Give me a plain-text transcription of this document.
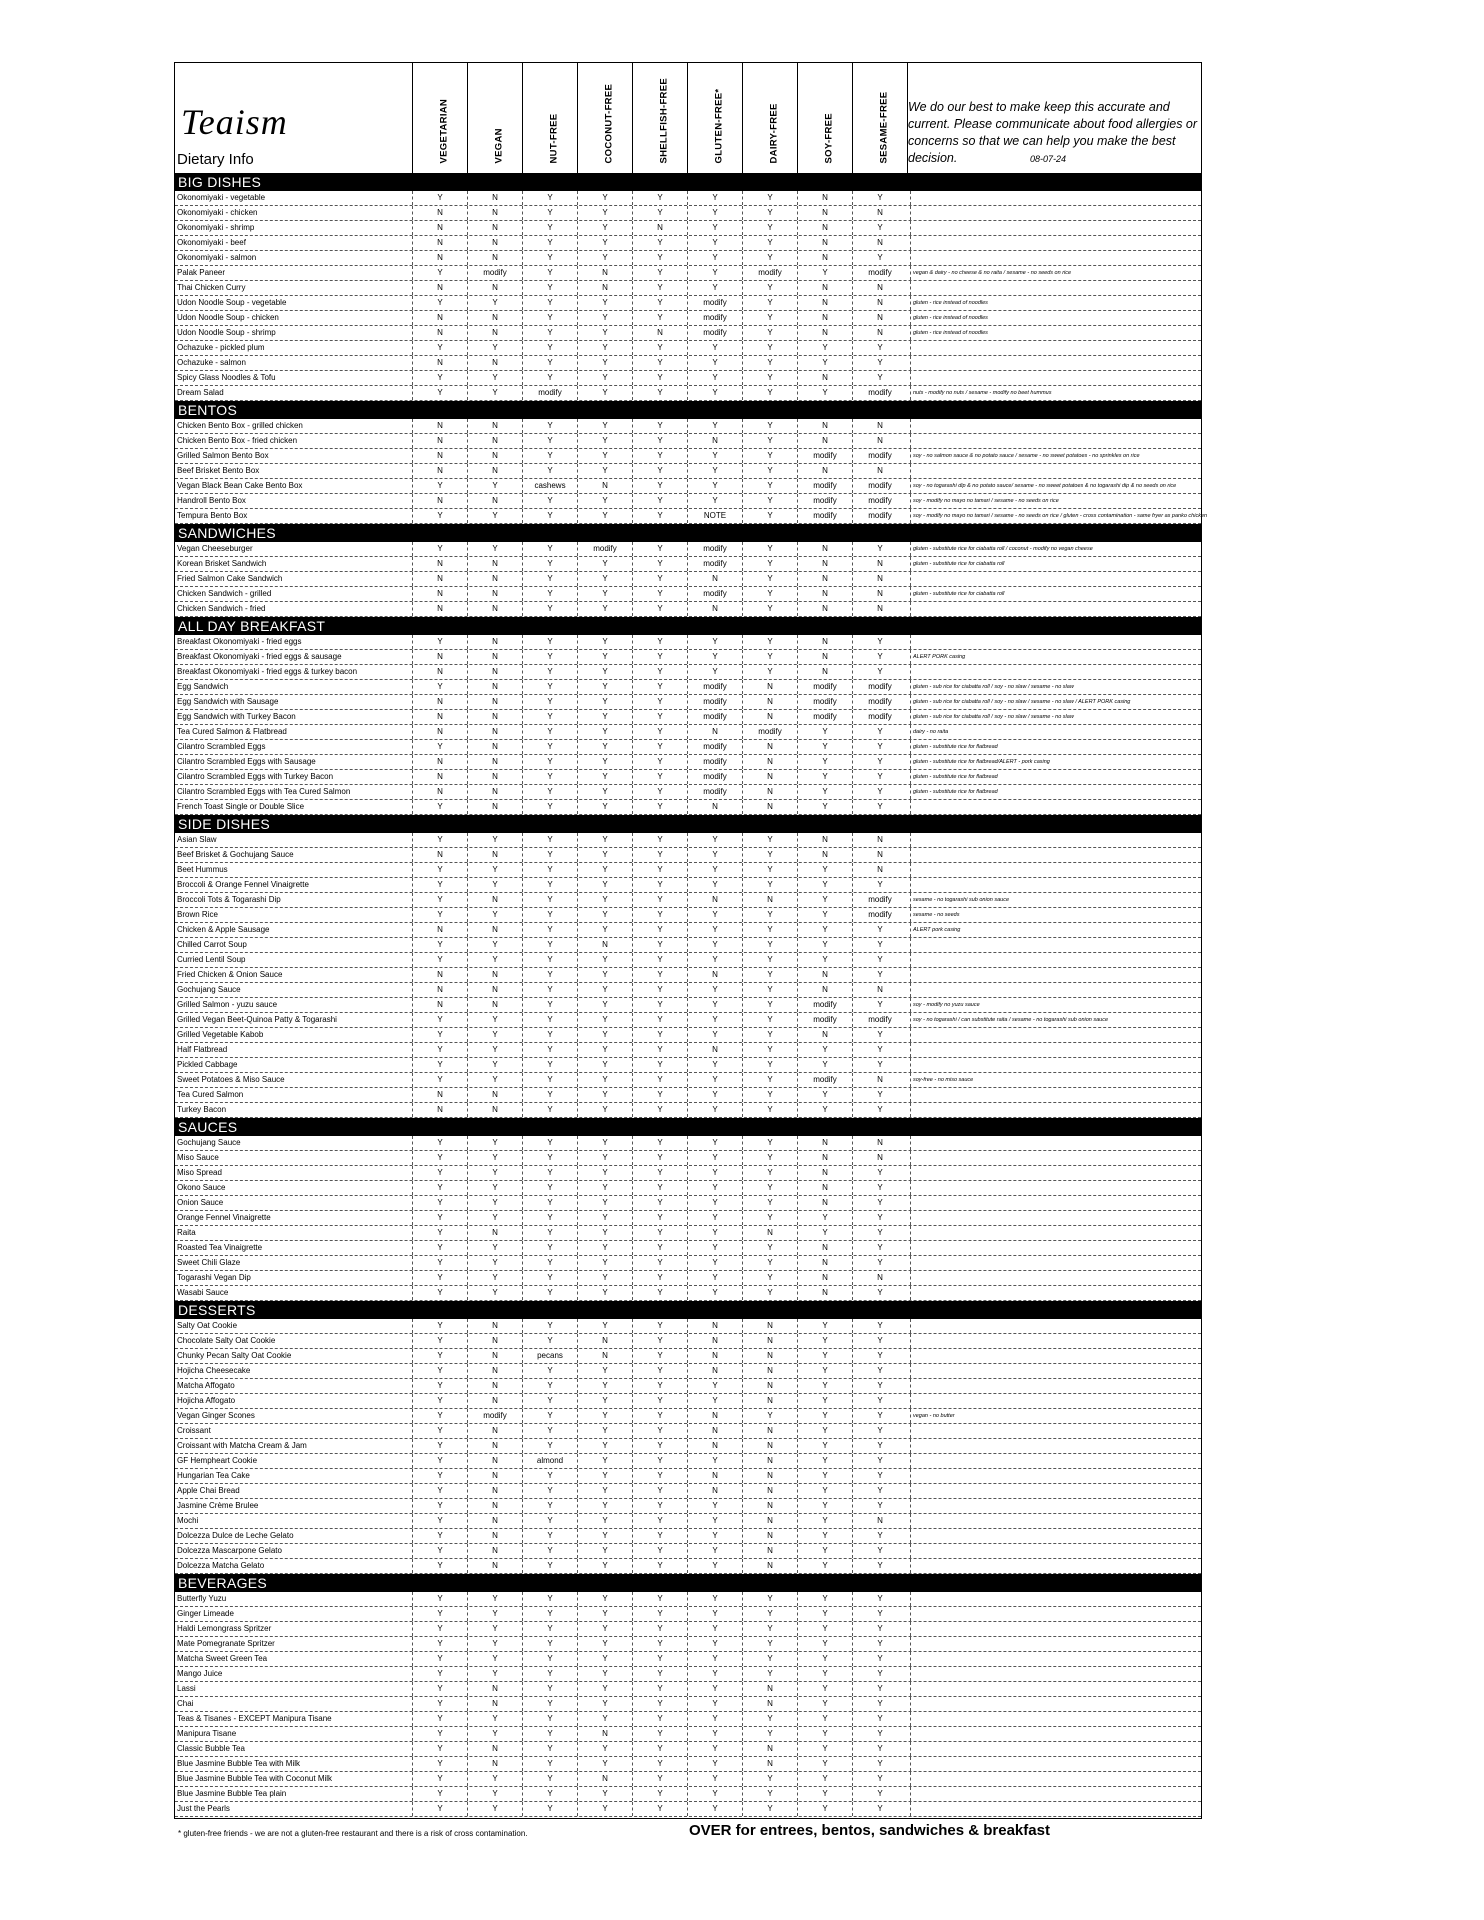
Teaism
Dietary Info	VEGETARIAN	VEGAN	NUT-FREE	COCONUT-FREE	SHELLFISH-FREE	GLUTEN-FREE*	DAIRY-FREE	SOY-FREE	SESAME-FREE We do our best to make keep this accurate and current. Please communicate about food allergies or concerns so that we can help you make the best decision.
BIG DISHES
Okonomiyaki - vegetable	Y	N	Y	Y	Y	Y	Y	N	Y
Okonomiyaki - chicken	N	N	Y	Y	Y	Y	Y	N	N
Okonomiyaki - shrimp	N	N	Y	Y	N	Y	Y	N	Y
Okonomiyaki - beef	N	N	Y	Y	Y	Y	Y	N	N
Okonomiyaki - salmon	N	N	Y	Y	Y	Y	Y	N	Y
Palak Paneer	Y	modify	Y	N	Y	Y	modify	Y	modify	vegan & dairy - no cheese & no raita / sesame - no seeds on rice
Thai Chicken Curry	N	N	Y	N	Y	Y	Y	N	N
Udon Noodle Soup - vegetable	Y	Y	Y	Y	Y	modify	Y	N	N	gluten - rice instead of noodles
Udon Noodle Soup - chicken	N	N	Y	Y	Y	modify	Y	N	N	gluten - rice instead of noodles
Udon Noodle Soup - shrimp	N	N	Y	Y	N	modify	Y	N	N	gluten - rice instead of noodles
Ochazuke - pickled plum	Y	Y	Y	Y	Y	Y	Y	Y	Y
Ochazuke - salmon	N	N	Y	Y	Y	Y	Y	Y	Y
Spicy Glass Noodles & Tofu	Y	Y	Y	Y	Y	Y	Y	N	Y
Dream Salad	Y	Y	modify	Y	Y	Y	Y	Y	modify	nuts - modify no nuts / sesame - modify no beet hummus
BENTOS
Chicken Bento Box - grilled chicken	N	N	Y	Y	Y	Y	Y	N	N
Chicken Bento Box - fried chicken	N	N	Y	Y	Y	N	Y	N	N
Grilled Salmon Bento Box	N	N	Y	Y	Y	Y	Y	modify	modify	soy - no salmon sauce & no potato sauce / sesame - no sweet potatoes - no sprinkles on rice
Beef Brisket Bento Box	N	N	Y	Y	Y	Y	Y	N	N
Vegan Black Bean Cake Bento Box	Y	Y	cashews	N	Y	Y	Y	modify	modify	soy - no togarashi dip & no potato sauce/ sesame - no sweet potatoes & no togarashi dip & no seeds on rice
Handroll Bento Box	N	N	Y	Y	Y	Y	Y	modify	modify	soy - modify no mayo no tamari / sesame - no seeds on rice
Tempura Bento Box	Y	Y	Y	Y	Y	NOTE	Y	modify	modify	soy - modify no mayo no tamari / sesame - no seeds on rice / gluten - cross contamination - same fryer as panko chicken
SANDWICHES
Vegan Cheeseburger	Y	Y	Y	modify	Y	modify	Y	N	Y	gluten - substitute rice for ciabatta roll / coconut - modify no vegan cheese
Korean Brisket Sandwich	N	N	Y	Y	Y	modify	Y	N	N	gluten - substitute rice for ciabatta roll
Fried Salmon Cake Sandwich	N	N	Y	Y	Y	N	Y	N	N
Chicken Sandwich - grilled	N	N	Y	Y	Y	modify	Y	N	N	gluten - substitute rice for ciabatta roll
Chicken Sandwich - fried	N	N	Y	Y	Y	N	Y	N	N
ALL DAY BREAKFAST
Breakfast Okonomiyaki - fried eggs	Y	N	Y	Y	Y	Y	Y	N	Y
Breakfast Okonomiyaki - fried eggs & sausage	N	N	Y	Y	Y	Y	Y	N	Y	ALERT PORK casing
Breakfast Okonomiyaki - fried eggs & turkey bacon	N	N	Y	Y	Y	Y	Y	N	Y
Egg Sandwich	Y	N	Y	Y	Y	modify	N	modify	modify	gluten - sub rice for ciabatta roll / soy - no slaw / sesame - no slaw
Egg Sandwich with Sausage	N	N	Y	Y	Y	modify	N	modify	modify	gluten - sub rice for ciabatta roll / soy - no slaw / sesame - no slaw / ALERT PORK casing
Egg Sandwich with Turkey Bacon	N	N	Y	Y	Y	modify	N	modify	modify	gluten - sub rice for ciabatta roll / soy - no slaw / sesame - no slaw
Tea Cured Salmon & Flatbread	N	N	Y	Y	Y	N	modify	Y	Y	dairy - no raita
Cilantro Scrambled Eggs	Y	N	Y	Y	Y	modify	N	Y	Y	gluten - substitute rice for flatbread
Cilantro Scrambled Eggs with Sausage	N	N	Y	Y	Y	modify	N	Y	Y	gluten - substitute rice for flatbread/ALERT - pork casing
Cilantro Scrambled Eggs with Turkey Bacon	N	N	Y	Y	Y	modify	N	Y	Y	gluten - substitute rice for flatbread
Cilantro Scrambled Eggs with Tea Cured Salmon	N	N	Y	Y	Y	modify	N	Y	Y	gluten - substitute rice for flatbread
French Toast Single or Double Slice	Y	N	Y	Y	Y	N	N	Y	Y
SIDE DISHES
Asian Slaw	Y	Y	Y	Y	Y	Y	Y	N	N
Beef Brisket & Gochujang Sauce	N	N	Y	Y	Y	Y	Y	N	N
Beet Hummus	Y	Y	Y	Y	Y	Y	Y	Y	N
Broccoli & Orange Fennel Vinaigrette	Y	Y	Y	Y	Y	Y	Y	Y	Y
Broccoli Tots & Togarashi Dip	Y	N	Y	Y	Y	N	N	Y	modify	sesame - no togarashi sub onion sauce
Brown Rice	Y	Y	Y	Y	Y	Y	Y	Y	modify	sesame - no seeds
Chicken & Apple Sausage	N	N	Y	Y	Y	Y	Y	Y	Y	ALERT pork casing
Chilled Carrot Soup	Y	Y	Y	N	Y	Y	Y	Y	Y
Curried Lentil Soup	Y	Y	Y	Y	Y	Y	Y	Y	Y
Fried Chicken & Onion Sauce	N	N	Y	Y	Y	N	Y	N	Y
Gochujang Sauce	N	N	Y	Y	Y	Y	Y	N	N
Grilled Salmon - yuzu sauce	N	N	Y	Y	Y	Y	Y	modify	Y	soy - modify no yuzu sauce
Grilled Vegan Beet-Quinoa Patty & Togarashi	Y	Y	Y	Y	Y	Y	Y	modify	modify	soy - no togarashi / can substitute raita / sesame - no togarashi sub onion sauce
Grilled Vegetable Kabob	Y	Y	Y	Y	Y	Y	Y	N	Y
Half Flatbread	Y	Y	Y	Y	Y	N	Y	Y	Y
Pickled Cabbage	Y	Y	Y	Y	Y	Y	Y	Y	Y
Sweet Potatoes & Miso Sauce	Y	Y	Y	Y	Y	Y	Y	modify	N	soy-free - no miso sauce
Tea Cured Salmon	N	N	Y	Y	Y	Y	Y	Y	Y
Turkey Bacon	N	N	Y	Y	Y	Y	Y	Y	Y
SAUCES
Gochujang Sauce	Y	Y	Y	Y	Y	Y	Y	N	N
Miso Sauce	Y	Y	Y	Y	Y	Y	Y	N	N
Miso Spread	Y	Y	Y	Y	Y	Y	Y	N	Y
Okono Sauce	Y	Y	Y	Y	Y	Y	Y	N	Y
Onion Sauce	Y	Y	Y	Y	Y	Y	Y	N	Y
Orange Fennel Vinaigrette	Y	Y	Y	Y	Y	Y	Y	Y	Y
Raita	Y	N	Y	Y	Y	Y	N	Y	Y
Roasted Tea Vinaigrette	Y	Y	Y	Y	Y	Y	Y	N	Y
Sweet Chili Glaze	Y	Y	Y	Y	Y	Y	Y	N	Y
Togarashi Vegan Dip	Y	Y	Y	Y	Y	Y	Y	N	N
Wasabi Sauce	Y	Y	Y	Y	Y	Y	Y	N	Y
DESSERTS
Salty Oat Cookie	Y	N	Y	Y	Y	N	N	Y	Y
Chocolate Salty Oat Cookie	Y	N	Y	N	Y	N	N	Y	Y
Chunky Pecan Salty Oat Cookie	Y	N	pecans	N	Y	N	N	Y	Y
Hojicha Cheesecake	Y	N	Y	Y	Y	N	N	Y	Y
Matcha Affogato	Y	N	Y	Y	Y	Y	N	Y	Y
Hojicha Affogato	Y	N	Y	Y	Y	Y	N	Y	Y
Vegan Ginger Scones	Y	modify	Y	Y	Y	N	Y	Y	Y	vegan - no butter
Croissant	Y	N	Y	Y	Y	N	N	Y	Y
Croissant with Matcha Cream & Jam	Y	N	Y	Y	Y	N	N	Y	Y
GF Hempheart Cookie	Y	N	almond	Y	Y	Y	N	Y	Y
Hungarian Tea Cake	Y	N	Y	Y	Y	N	N	Y	Y
Apple Chai Bread	Y	N	Y	Y	Y	N	N	Y	Y
Jasmine Crème Brulee	Y	N	Y	Y	Y	Y	N	Y	Y
Mochi	Y	N	Y	Y	Y	Y	N	Y	N
Dolcezza Dulce de Leche Gelato	Y	N	Y	Y	Y	Y	N	Y	Y
Dolcezza Mascarpone Gelato	Y	N	Y	Y	Y	Y	N	Y	Y
Dolcezza Matcha Gelato	Y	N	Y	Y	Y	Y	N	Y	Y
BEVERAGES
Butterfly Yuzu	Y	Y	Y	Y	Y	Y	Y	Y	Y
Ginger Limeade	Y	Y	Y	Y	Y	Y	Y	Y	Y
Haldi Lemongrass Spritzer	Y	Y	Y	Y	Y	Y	Y	Y	Y
Mate Pomegranate Spritzer	Y	Y	Y	Y	Y	Y	Y	Y	Y
Matcha Sweet Green Tea	Y	Y	Y	Y	Y	Y	Y	Y	Y
Mango Juice	Y	Y	Y	Y	Y	Y	Y	Y	Y
Lassi	Y	N	Y	Y	Y	Y	N	Y	Y
Chai	Y	N	Y	Y	Y	Y	N	Y	Y
Teas & Tisanes - EXCEPT Manipura Tisane	Y	Y	Y	Y	Y	Y	Y	Y	Y
Manipura Tisane	Y	Y	Y	N	Y	Y	Y	Y	Y
Classic Bubble Tea	Y	N	Y	Y	Y	Y	N	Y	Y
Blue Jasmine Bubble Tea with Milk	Y	N	Y	Y	Y	Y	N	Y	Y
Blue Jasmine Bubble Tea with Coconut Milk	Y	Y	Y	N	Y	Y	Y	Y	Y
Blue Jasmine Bubble Tea plain	Y	Y	Y	Y	Y	Y	Y	Y	Y
Just the Pearls	Y	Y	Y	Y	Y	Y	Y	Y	Y
08-07-24
* gluten-free friends - we are not a gluten-free restaurant and there is a risk of cross contamination.	OVER for entrees, bentos, sandwiches & breakfast
